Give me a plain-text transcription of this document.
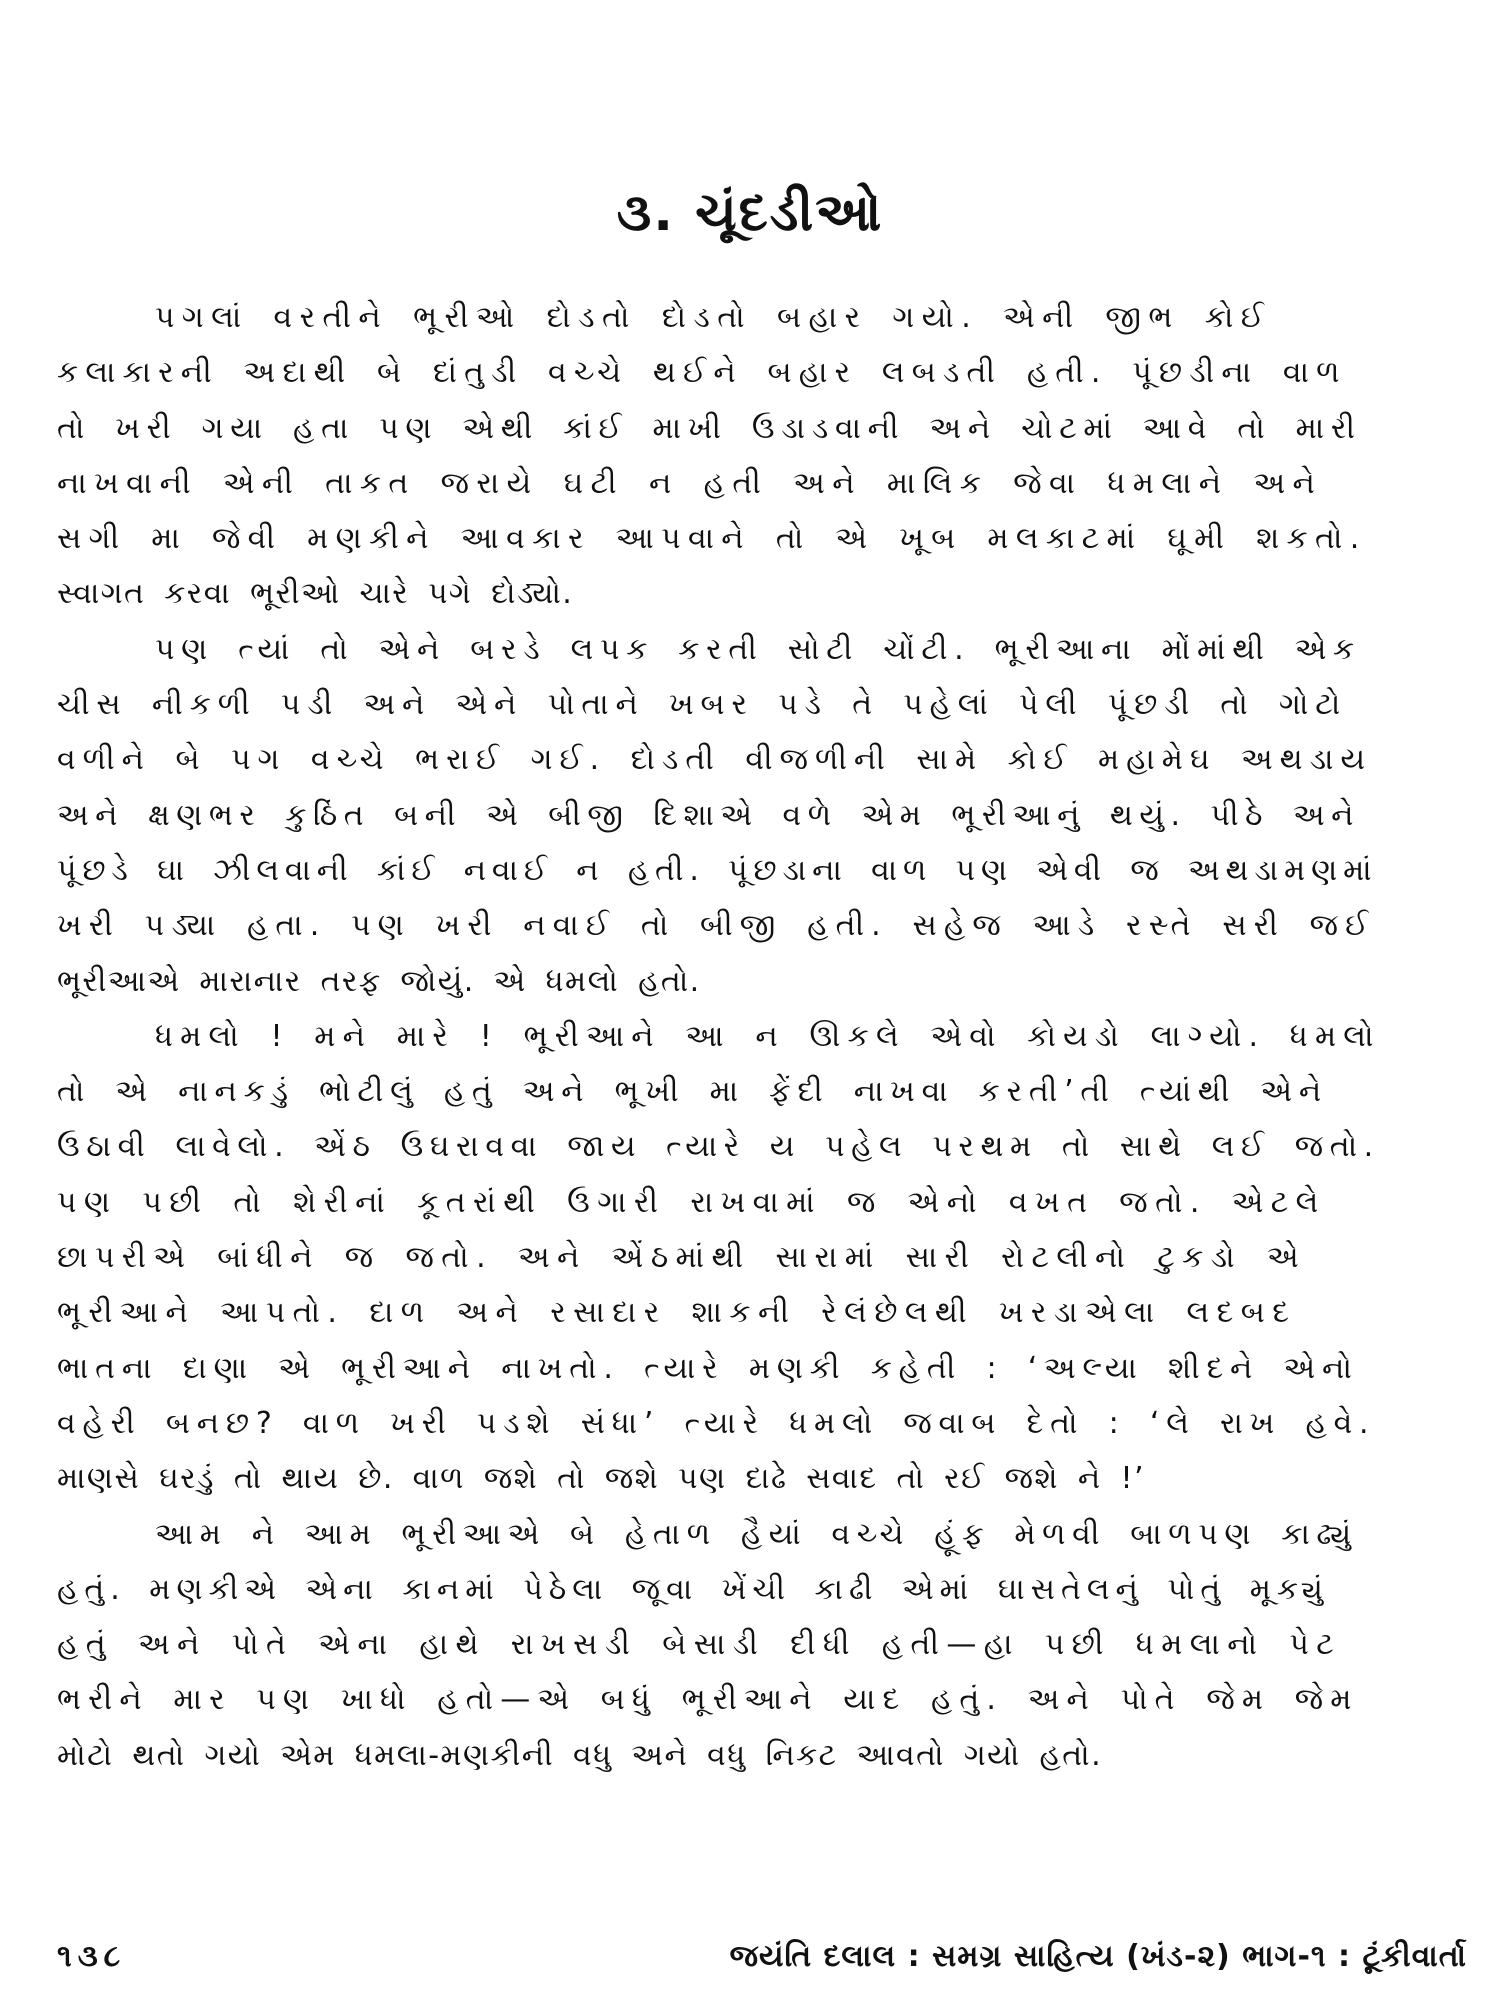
૩. ચૂંદડીઓ
પગલાં વરતીને ભૂરીઓ દોડતો દોડતો બહાર ગયો. એની જીભ કોઈ
કલાકારની અદાથી બે દાંતુડી વચ્ચે થઈને બહાર લબડતી હતી. પૂંછડીના વાળ
તો ખરી ગયા હતા પણ એથી કાંઈ માખી ઉડાડવાની અને ચોટમાં આવે તો મારી
નાખવાની એની તાકત જરાયે ઘટી ન હતી અને માલિક જેવા ધમલાને અને
સગી મા જેવી મણકીને આવકાર આપવાને તો એ ખૂબ મલકાટમાં ઘૂમી શકતો.
સ્વાગત કરવા ભૂરીઓ ચારે પગે દોડ્યો.
પણ ત્યાં તો એને બરડે લપક કરતી સોટી ચોંટી. ભૂરીઆના મોંમાંથી એક
ચીસ નીકળી પડી અને એને પોતાને ખબર પડે તે પહેલાં પેલી પૂંછડી તો ગોટો
વળીને બે પગ વચ્ચે ભરાઈ ગઈ. દોડતી વીજળીની સામે કોઈ મહામેઘ અથડાય
અને ક્ષણભર કુઠિંત બની એ બીજી દિશાએ વળે એમ ભૂરીઆનું થયું. પીઠે અને
પૂંછડે ઘા ઝીલવાની કાંઈ નવાઈ ન હતી. પૂંછડાના વાળ પણ એવી જ અથડામણમાં
ખરી પડ્યા હતા. પણ ખરી નવાઈ તો બીજી હતી. સહેજ આડે રસ્તે સરી જઈ
ભૂરીઆએ મારાનાર તરફ જોયું. એ ધમલો હતો.
ધમલો ! મને મારે ! ભૂરીઆને આ ન ઊકલે એવો કોયડો લાગ્યો. ધમલો
તો એ નાનકડું ભોટીલું હતું અને ભૂખી મા ફેંદી નાખવા કરતી’તી ત્યાંથી એને
ઉઠાવી લાવેલો. એંઠ ઉઘરાવવા જાય ત્યારે ય પહેલ પરથમ તો સાથે લઈ જતો.
પણ પછી તો શેરીનાં કૂતરાંથી ઉગારી રાખવામાં જ એનો વખત જતો. એટલે
છાપરીએ બાંધીને જ જતો. અને એંઠમાંથી સારામાં સારી રોટલીનો ટુકડો એ
ભૂરીઆને આપતો. દાળ અને રસાદાર શાકની રેલંછેલથી ખરડાએલા લદબદ
ભાતના દાણા એ ભૂરીઆને નાખતો. ત્યારે મણકી કહેતી : ‘અલ્યા શીદને એનો
વહેરી બનછ? વાળ ખરી પડશે સંધા’ ત્યારે ધમલો જવાબ દેતો : ‘લે રાખ હવે.
માણસે ઘરડું તો થાય છે. વાળ જશે તો જશે પણ દાઢે સવાદ તો રઈ જશે ને !’
આમ ને આમ ભૂરીઆએ બે હેતાળ હૈયાં વચ્ચે હૂંફ મેળવી બાળપણ કાઢ્યું
હતું. મણકીએ એના કાનમાં પેઠેલા જૂવા ખેંચી કાઢી એમાં ઘાસતેલનું પોતું મૂક્યું
હતું અને પોતે એના હાથે રાખસડી બેસાડી દીધી હતી—હા પછી ધમલાનો પેટ
ભરીને માર પણ ખાધો હતો—એ બધું ભૂરીઆને યાદ હતું. અને પોતે જેમ જેમ
મોટો થતો ગયો એમ ધમલા-મણકીની વધુ અને વધુ નિકટ આવતો ગયો હતો.
૧૩૮	જયંતિ દલાલ : સમગ્ર સાહિત્ય (ખંડ-૨) ભાગ-૧ : ટૂંકીવાર્તા
